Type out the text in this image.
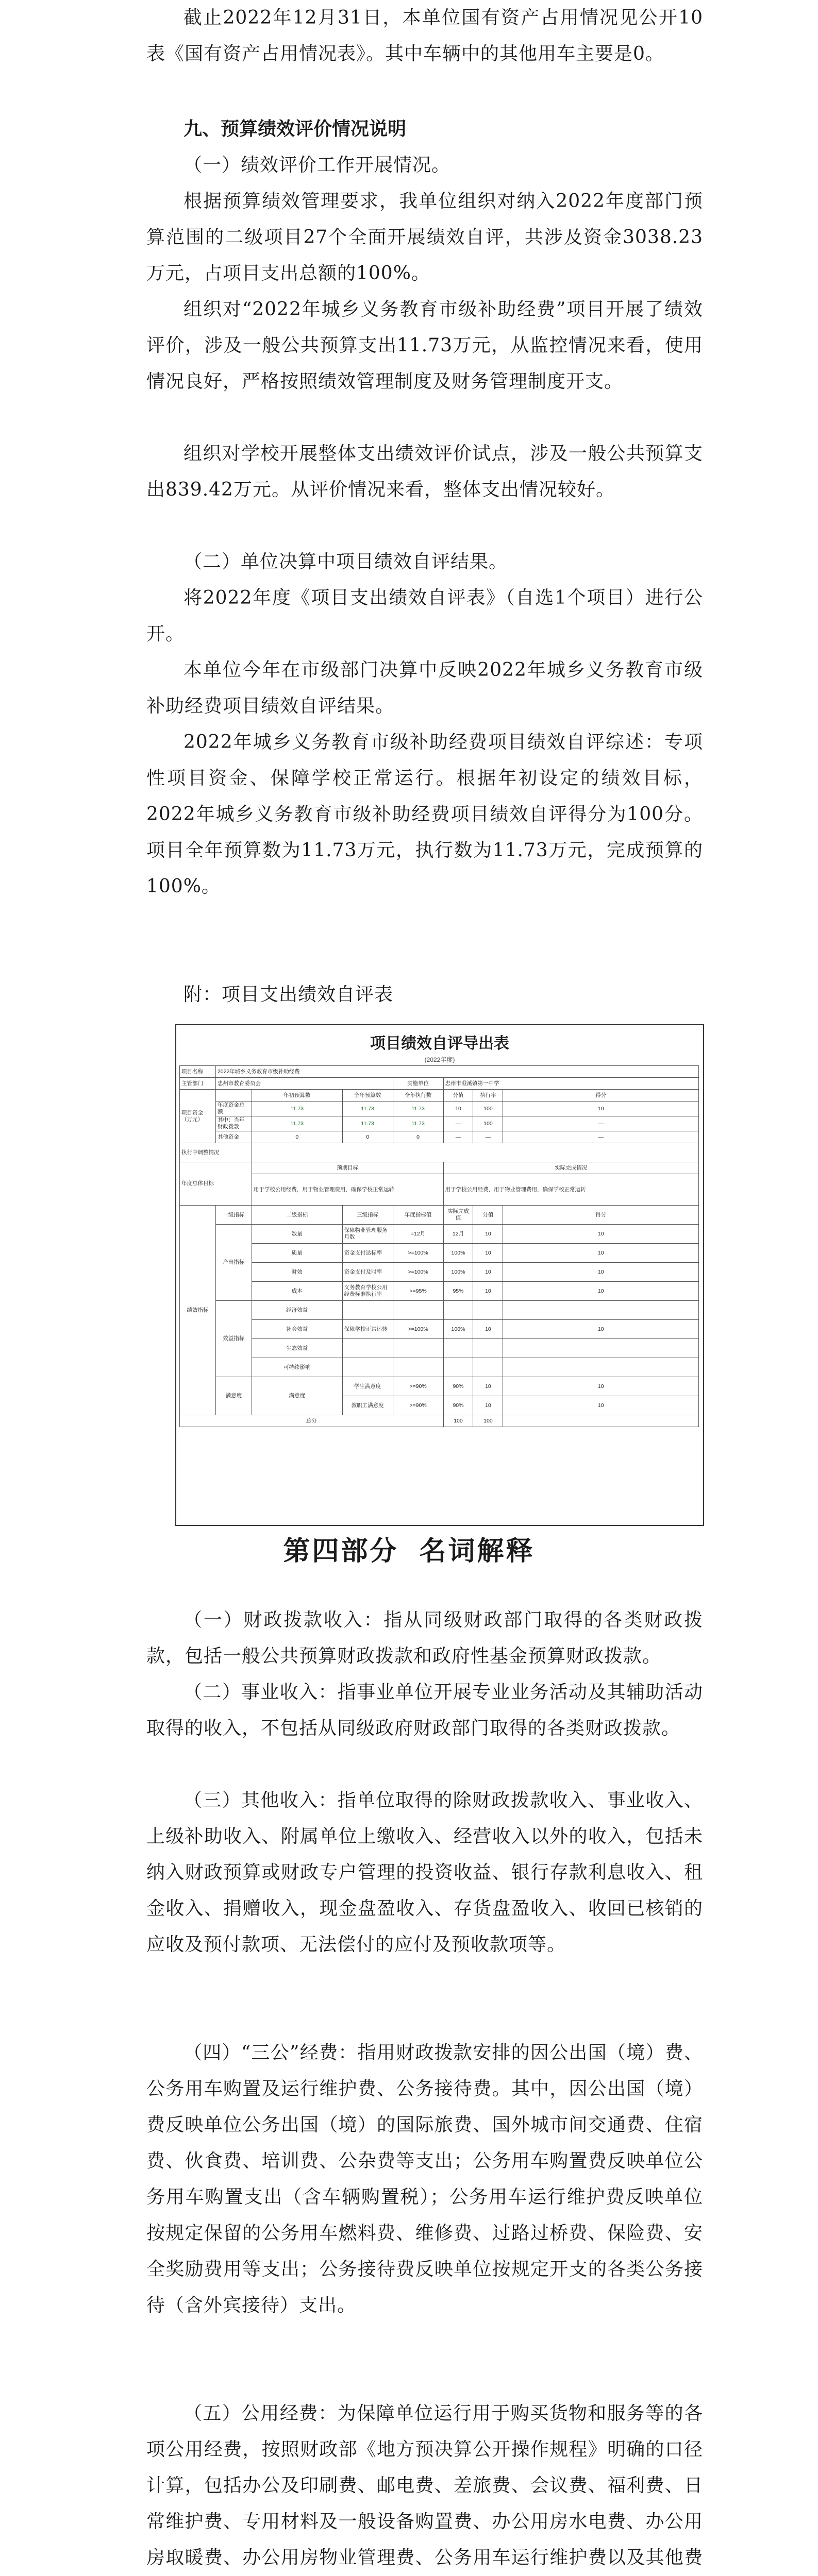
截止2022年12月31日，本单位国有资产占用情况见公开10表《国有资产占用情况表》。其中车辆中的其他用车主要是0。

九、预算绩效评价情况说明

（一）绩效评价工作开展情况。

根据预算绩效管理要求，我单位组织对纳入2022年度部门预算范围的二级项目27个全面开展绩效自评，共涉及资金3038.23万元，占项目支出总额的100%。

组织对“2022年城乡义务教育市级补助经费”项目开展了绩效评价，涉及一般公共预算支出11.73万元，从监控情况来看，使用情况良好，严格按照绩效管理制度及财务管理制度开支。

组织对学校开展整体支出绩效评价试点，涉及一般公共预算支出839.42万元。从评价情况来看，整体支出情况较好。

（二）单位决算中项目绩效自评结果。

将2022年度《项目支出绩效自评表》（自选1个项目）进行公开。

本单位今年在市级部门决算中反映2022年城乡义务教育市级补助经费项目绩效自评结果。

2022年城乡义务教育市级补助经费项目绩效自评综述：专项性项目资金、保障学校正常运行。根据年初设定的绩效目标，2022年城乡义务教育市级补助经费项目绩效自评得分为100分。项目全年预算数为11.73万元，执行数为11.73万元，完成预算的100%。

附：项目支出绩效自评表

项目绩效自评导出表
(2022年度)
项目名称	2022年城乡义务教育市级补助经费						
主管部门	忠州市教育委员会			实施单位	忠州市澄溪镇第一中学		
项目资金（万元）		年初预算数	全年预算数	全年执行数	分值	执行率	得分
	年度资金总额	11.73	11.73	11.73	10	100	10
	其中：当年财政拨款	11.73	11.73	11.73	—	100	—
	其他资金	0	0	0	—	—	—
执行中调整情况							
年度总体目标		预期目标			实际完成情况		
		用于学校公用经费，用于物业管理费用，确保学校正常运转			用于学校公用经费，用于物业管理费用，确保学校正常运转		
绩效指标	一级指标	二级指标	三级指标	年度指标值	实际完成值	分值	得分
	产出指标	数量	保障物业管理服务月数	=12月	12月	10	10
		质量	资金支付达标率	>=100%	100%	10	10
		时效	资金支付及时率	>=100%	100%	10	10
		成本	义务教育学校公用经费标准执行率	>=95%	95%	10	10
	效益指标	经济效益					
		社会效益	保障学校正常运转	>=100%	100%	10	10
		生态效益					
		可持续影响					
	满意度	满意度	学生满意度	>=90%	90%	10	10
			教职工满意度	>=90%	90%	10	10
总分					100	100	
第四部分 名词解释

（一）财政拨款收入：指从同级财政部门取得的各类财政拨款，包括一般公共预算财政拨款和政府性基金预算财政拨款。

（二）事业收入：指事业单位开展专业业务活动及其辅助活动取得的收入，不包括从同级政府财政部门取得的各类财政拨款。

（三）其他收入：指单位取得的除财政拨款收入、事业收入、上级补助收入、附属单位上缴收入、经营收入以外的收入，包括未纳入财政预算或财政专户管理的投资收益、银行存款利息收入、租金收入、捐赠收入，现金盘盈收入、存货盘盈收入、收回已核销的应收及预付款项、无法偿付的应付及预收款项等。

（四）“三公”经费：指用财政拨款安排的因公出国（境）费、公务用车购置及运行维护费、公务接待费。其中，因公出国（境）费反映单位公务出国（境）的国际旅费、国外城市间交通费、住宿费、伙食费、培训费、公杂费等支出；公务用车购置费反映单位公务用车购置支出（含车辆购置税）；公务用车运行维护费反映单位按规定保留的公务用车燃料费、维修费、过路过桥费、保险费、安全奖励费用等支出；公务接待费反映单位按规定开支的各类公务接待（含外宾接待）支出。

（五）公用经费：为保障单位运行用于购买货物和服务等的各项公用经费，按照财政部《地方预决算公开操作规程》明确的口径计算，包括办公及印刷费、邮电费、差旅费、会议费、福利费、日常维护费、专用材料及一般设备购置费、办公用房水电费、办公用房取暖费、办公用房物业管理费、公务用车运行维护费以及其他费
